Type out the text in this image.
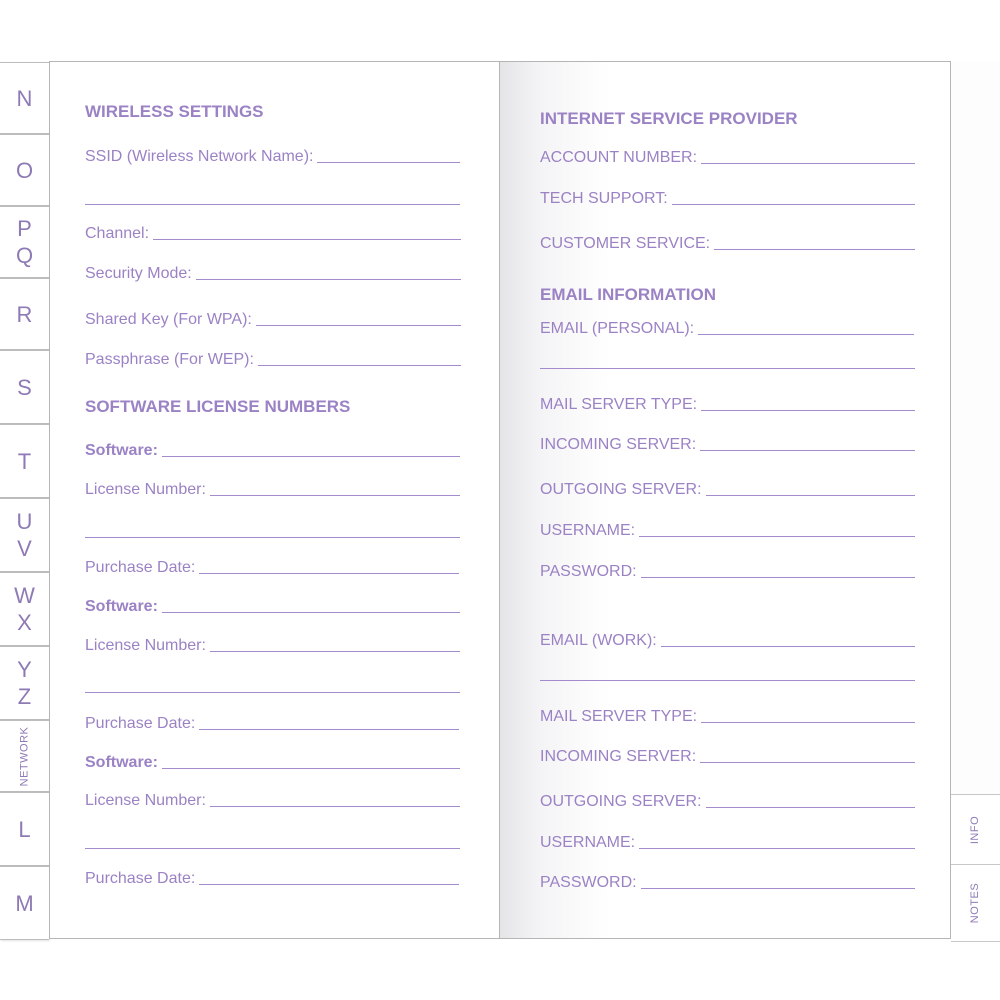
N
O
P
Q
R
S
T
U
V
W
X
Y
Z
NETWORK
L
M
INFO
NOTES
WIRELESS SETTINGS
SSID (Wireless Network Name):
Channel:
Security Mode:
Shared Key (For WPA):
Passphrase (For WEP):
SOFTWARE LICENSE NUMBERS
Software:
License Number:
Purchase Date:
Software:
License Number:
Purchase Date:
Software:
License Number:
Purchase Date:
INTERNET SERVICE PROVIDER
ACCOUNT NUMBER:
TECH SUPPORT:
CUSTOMER SERVICE:
EMAIL INFORMATION
EMAIL (PERSONAL):
MAIL SERVER TYPE:
INCOMING SERVER:
OUTGOING SERVER:
USERNAME:
PASSWORD:
EMAIL (WORK):
MAIL SERVER TYPE:
INCOMING SERVER:
OUTGOING SERVER:
USERNAME:
PASSWORD:
